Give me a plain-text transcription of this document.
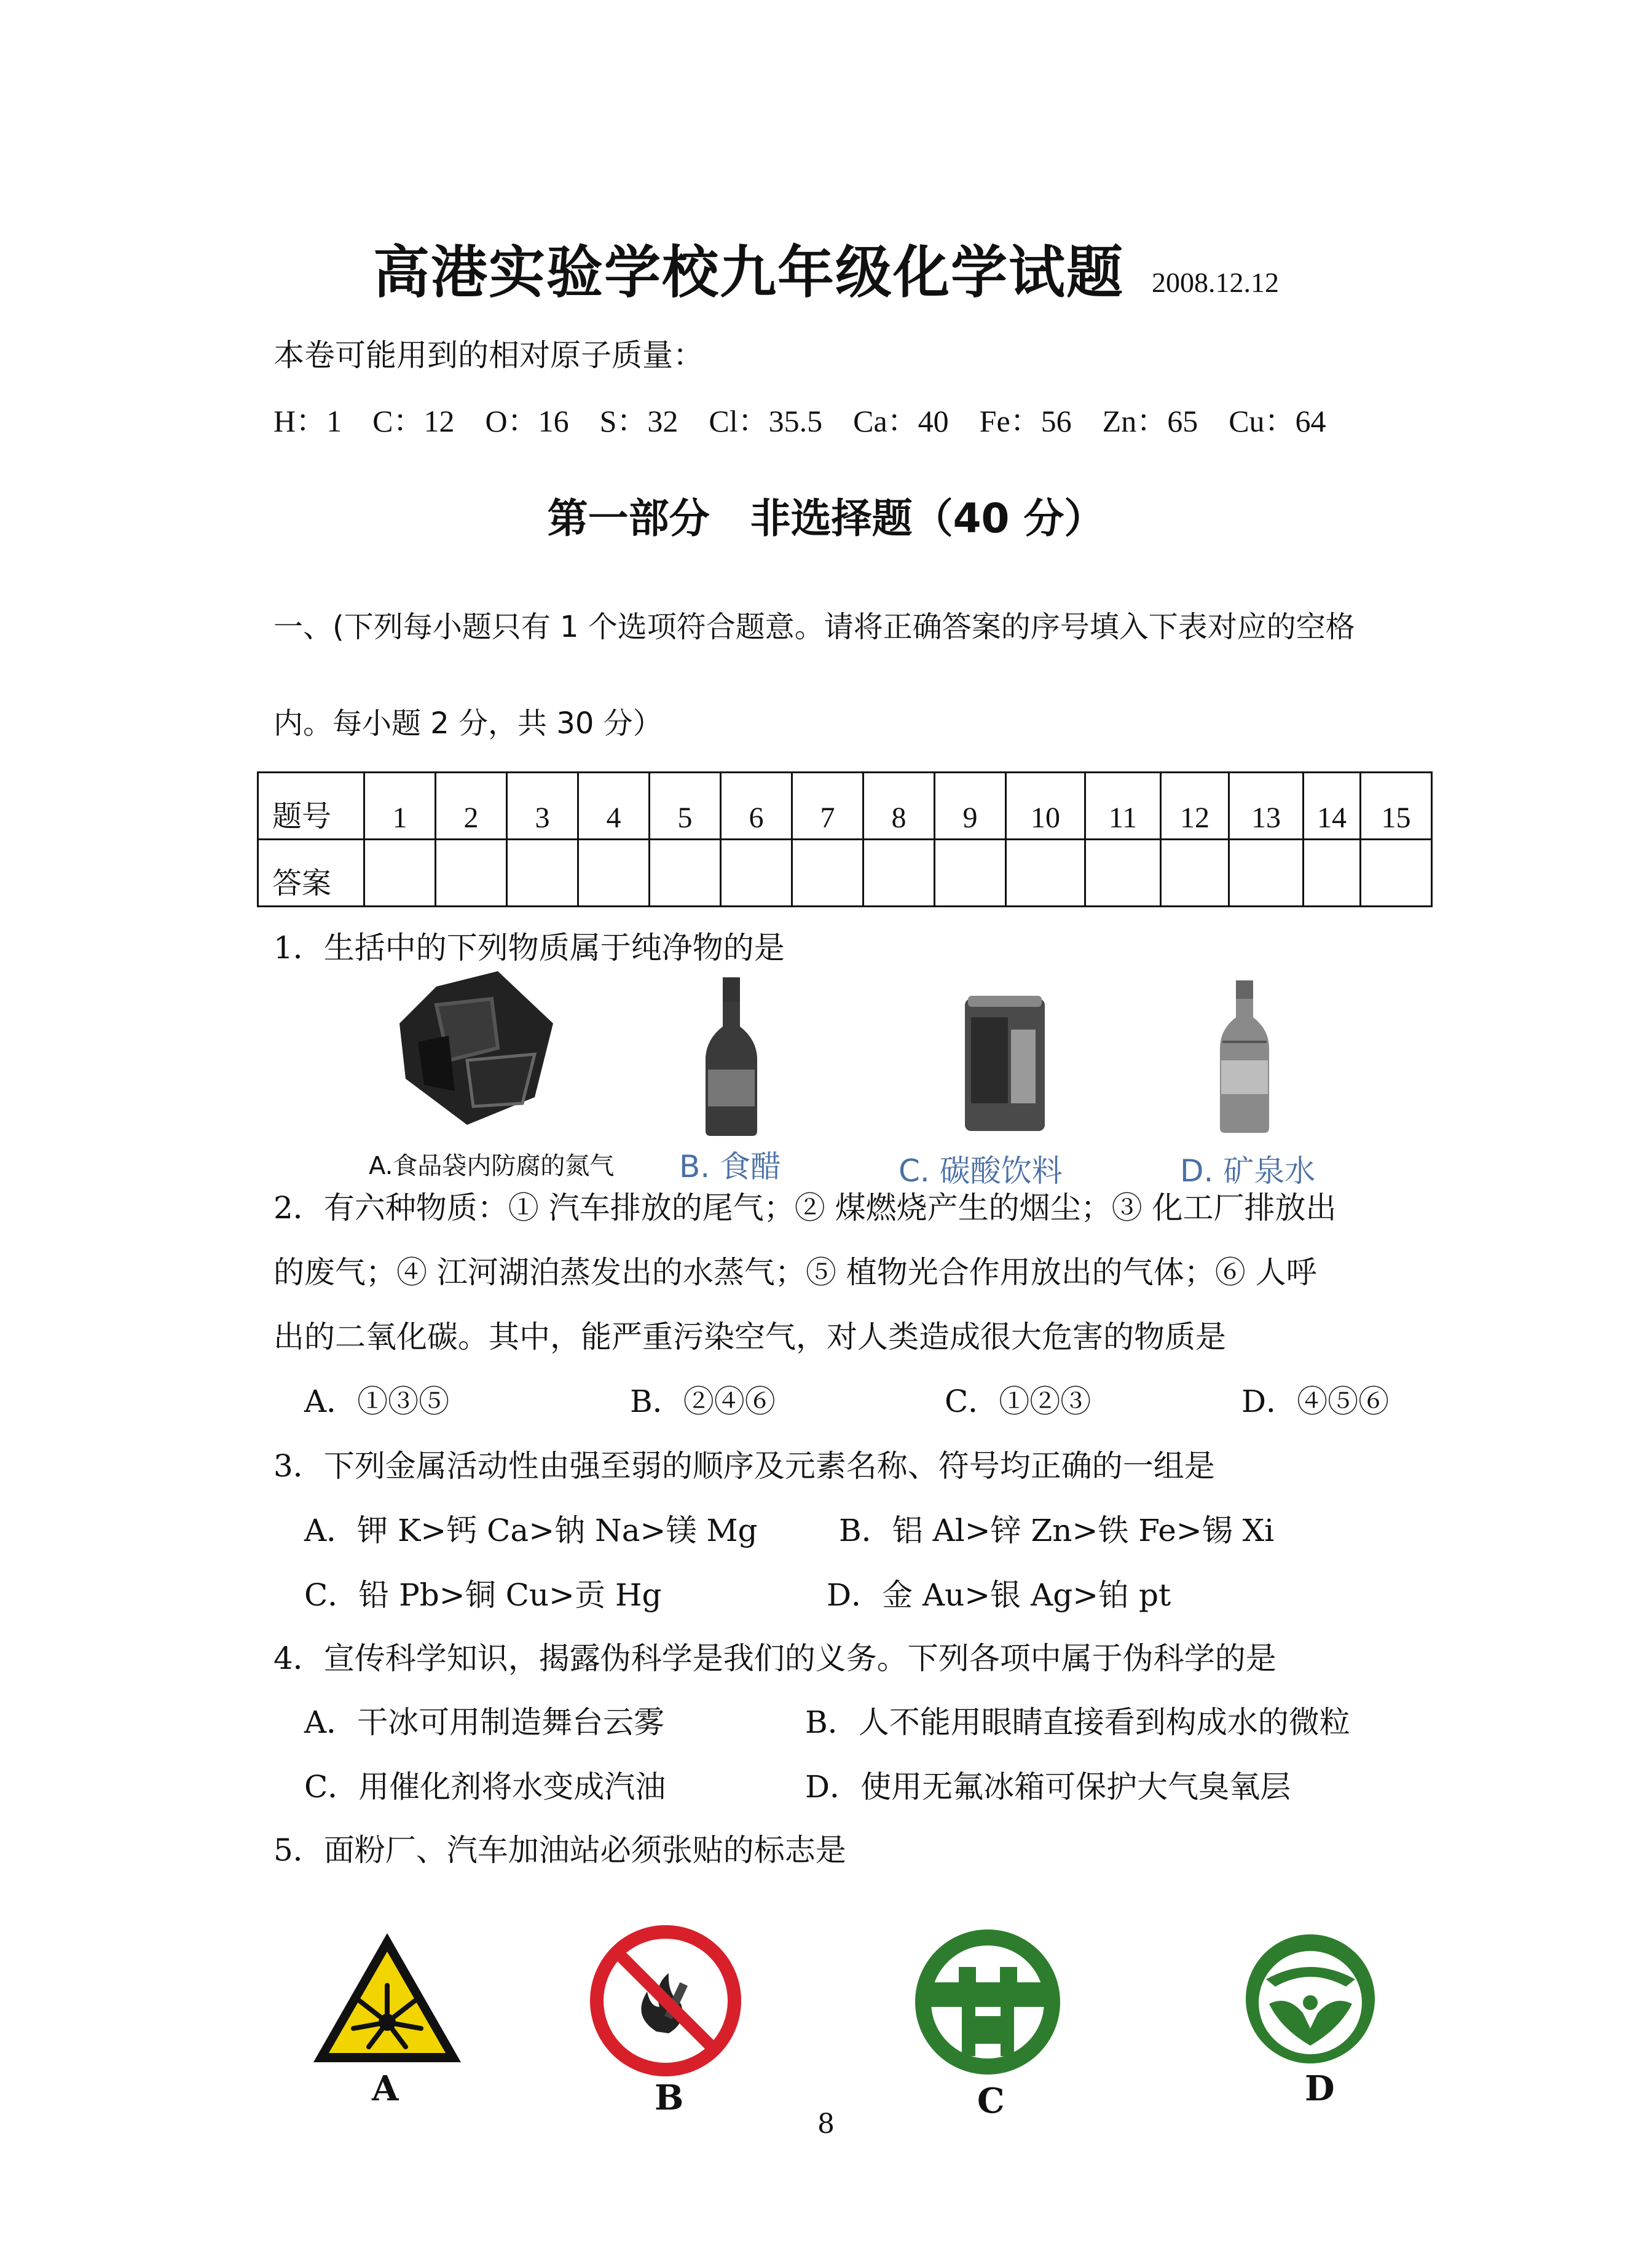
高港实验学校九年级化学试题 2008.12.12
本卷可能用到的相对原子质量：
H：1　C：12　O：16　S：32　Cl：35.5　Ca：40　Fe：56　Zn：65　Cu：64
第一部分　非选择题（40 分）
一、(下列每小题只有 1 个选项符合题意。请将正确答案的序号填入下表对应的空格
内。每小题 2 分，共 30 分）
题号	1	2	3	4	5	6	7	8	9	10	11	12	13	14	15
答案															
1．生括中的下列物质属于纯净物的是
A.食品袋内防腐的氮气 B. 食醋	C. 碳酸饮料	D. 矿泉水
2．有六种物质：① 汽车排放的尾气；② 煤燃烧产生的烟尘；③ 化工厂排放出
的废气；④ 江河湖泊蒸发出的水蒸气；⑤ 植物光合作用放出的气体；⑥ 人呼
出的二氧化碳。其中，能严重污染空气，对人类造成很大危害的物质是
A．①③⑤	B．②④⑥	C．①②③	D．④⑤⑥
3．下列金属活动性由强至弱的顺序及元素名称、符号均正确的一组是
A．钾 K>钙 Ca>钠 Na>镁 Mg	B．铝 Al>锌 Zn>铁 Fe>锡 Xi
C．铅 Pb>铜 Cu>贡 Hg	D．金 Au>银 Ag>铂 pt
4．宣传科学知识，揭露伪科学是我们的义务。下列各项中属于伪科学的是
A．干冰可用制造舞台云雾	B．人不能用眼睛直接看到构成水的微粒
C．用催化剂将水变成汽油	D．使用无氟冰箱可保护大气臭氧层
5．面粉厂、汽车加油站必须张贴的标志是
A	B	C	D
8
